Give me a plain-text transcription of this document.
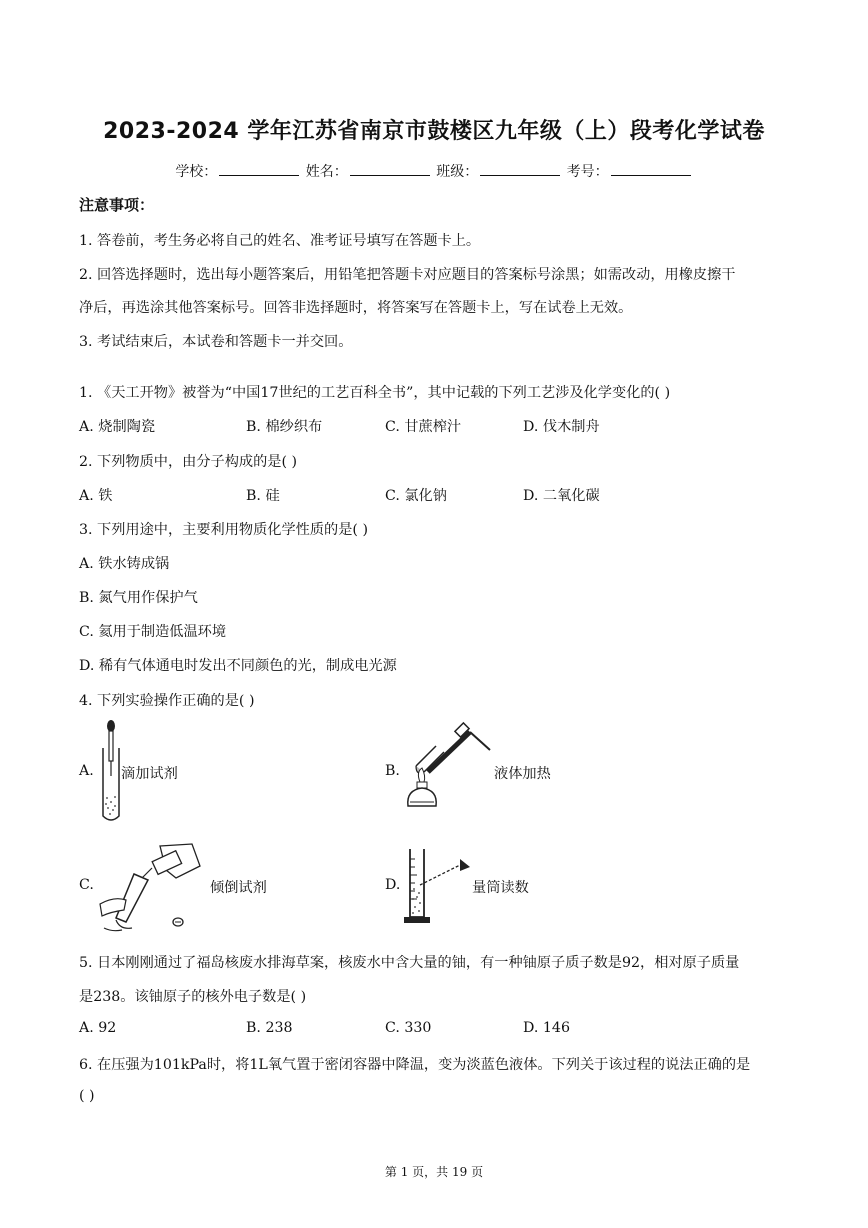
2023-2024 学年江苏省南京市鼓楼区九年级（上）段考化学试卷
学校：	姓名：	班级：	考号：
注意事项：
1. 答卷前，考生务必将自己的姓名、准考证号填写在答题卡上。
2. 回答选择题时，选出每小题答案后，用铅笔把答题卡对应题目的答案标号涂黑；如需改动，用橡皮擦干
净后，再选涂其他答案标号。回答非选择题时，将答案写在答题卡上，写在试卷上无效。
3. 考试结束后，本试卷和答题卡一并交回。
1. 《天工开物》被誉为“中国17世纪的工艺百科全书”，其中记载的下列工艺涉及化学变化的( )
A. 烧制陶瓷	B. 棉纱织布	C. 甘蔗榨汁	D. 伐木制舟
2. 下列物质中，由分子构成的是( )
A. 铁	B. 硅	C. 氯化钠	D. 二氧化碳
3. 下列用途中，主要利用物质化学性质的是( )
A. 铁水铸成锅
B. 氮气用作保护气
C. 氦用于制造低温环境
D. 稀有气体通电时发出不同颜色的光，制成电光源
4. 下列实验操作正确的是( )
A. 滴加试剂	B.	液体加热
C.	倾倒试剂	D.	量筒读数
5. 日本刚刚通过了福岛核废水排海草案，核废水中含大量的铀，有一种铀原子质子数是92，相对原子质量
是238。该铀原子的核外电子数是( )
A. 92	B. 238	C. 330	D. 146
6. 在压强为101kPa时，将1L氧气置于密闭容器中降温，变为淡蓝色液体。下列关于该过程的说法正确的是
( )
第 1 页，共 19 页
